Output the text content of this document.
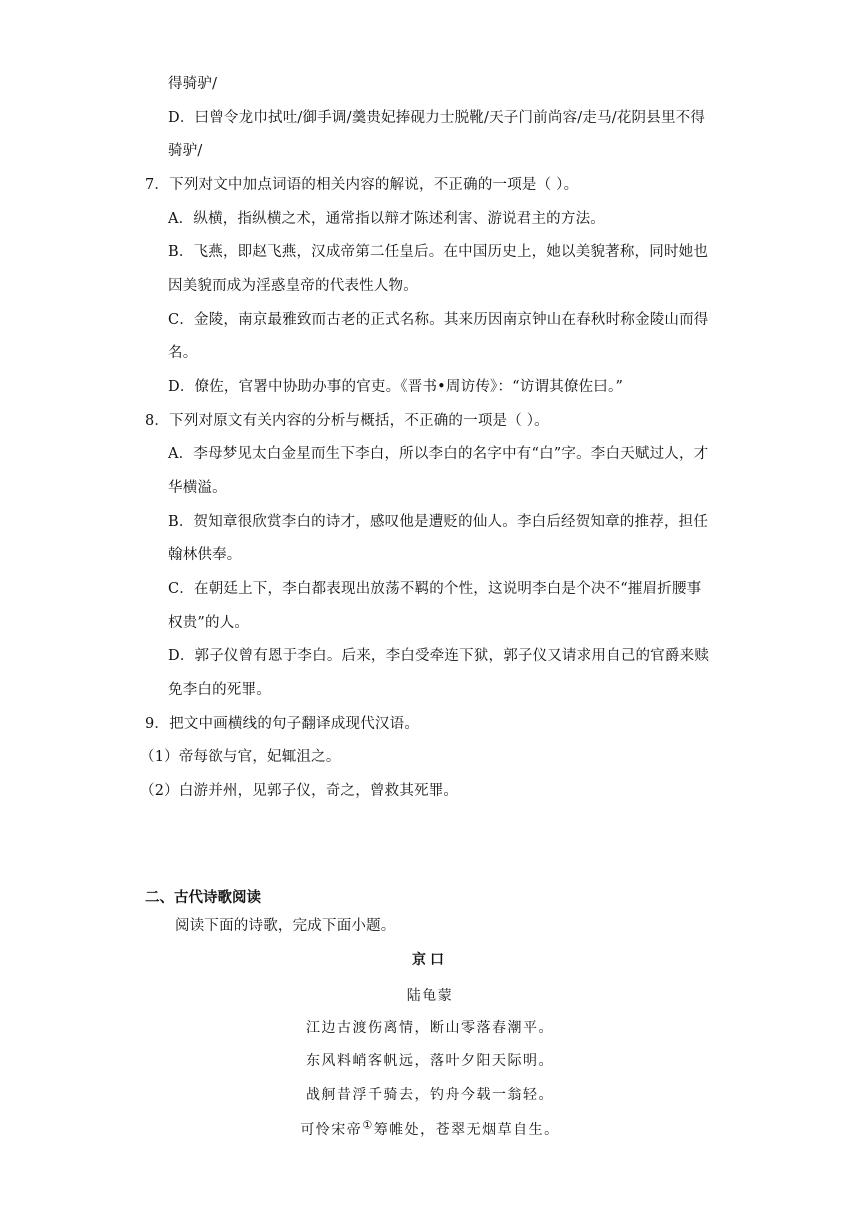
得骑驴/
D．曰曾令龙巾拭吐/御手调/羹贵妃捧砚力士脱靴/天子门前尚容/走马/花阴县里不得
骑驴/
7．下列对文中加点词语的相关内容的解说，不正确的一项是（ ）。
A．纵横，指纵横之术，通常指以辩才陈述利害、游说君主的方法。
B．飞燕，即赵飞燕，汉成帝第二任皇后。在中国历史上，她以美貌著称，同时她也
因美貌而成为淫惑皇帝的代表性人物。
C．金陵，南京最雅致而古老的正式名称。其来历因南京钟山在春秋时称金陵山而得
名。
D．僚佐，官署中协助办事的官吏。《晋书•周访传》：“访谓其僚佐曰。”
8．下列对原文有关内容的分析与概括，不正确的一项是（ ）。
A．李母梦见太白金星而生下李白，所以李白的名字中有“白”字。李白天赋过人，才
华横溢。
B．贺知章很欣赏李白的诗才，感叹他是遭贬的仙人。李白后经贺知章的推荐，担任
翰林供奉。
C．在朝廷上下，李白都表现出放荡不羁的个性，这说明李白是个决不“摧眉折腰事
权贵”的人。
D．郭子仪曾有恩于李白。后来，李白受牵连下狱，郭子仪又请求用自己的官爵来赎
免李白的死罪。
9．把文中画横线的句子翻译成现代汉语。
（1）帝每欲与官，妃辄沮之。
（2）白游并州，见郭子仪，奇之，曾救其死罪。
二、古代诗歌阅读
阅读下面的诗歌，完成下面小题。
京口
陆龟蒙
江边古渡伤离情，断山零落春潮平。
东风料峭客帆远，落叶夕阳天际明。
战舸昔浮千骑去，钓舟今载一翁轻。
可怜宋帝①筹帷处，苍翠无烟草自生。
